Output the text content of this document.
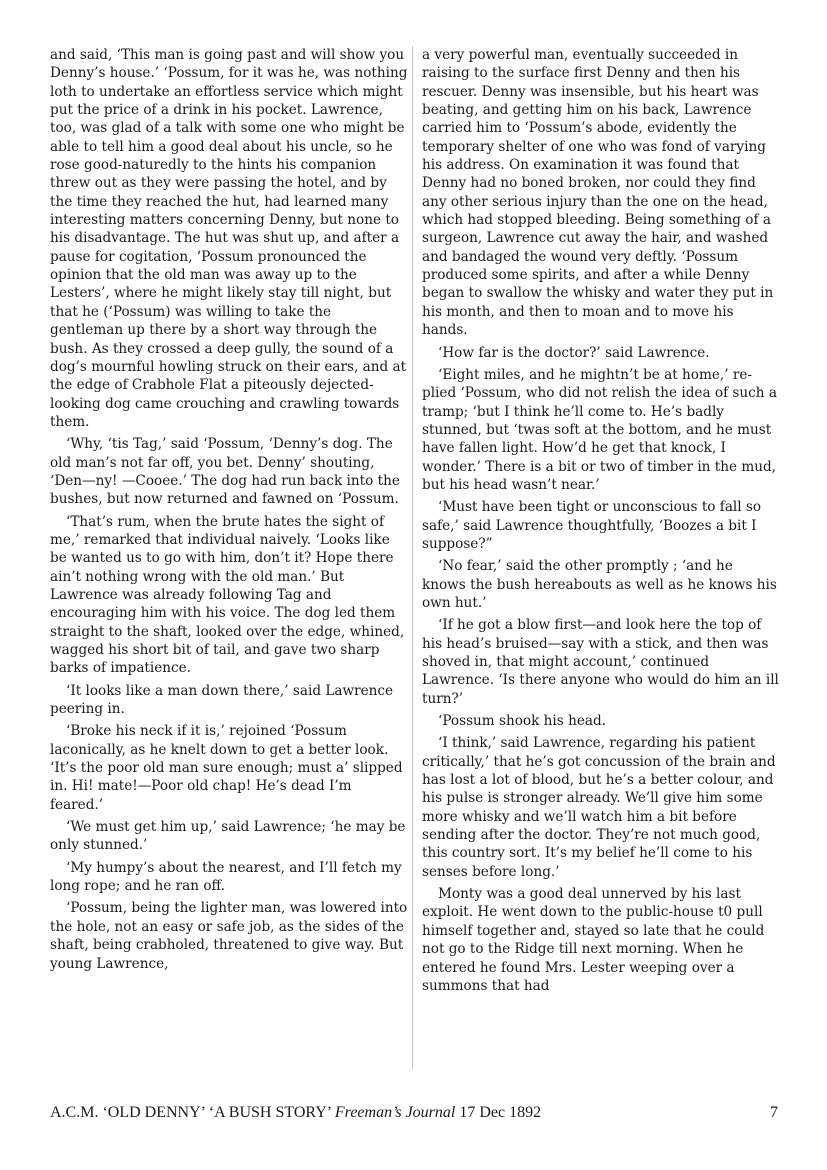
and said, ‘This man is going past and will show you Denny’s house.’ ‘Possum, for it was he, was nothing loth to undertake an effortless service which might put the price of a drink in his pocket. Lawrence, too, was glad of a talk with some one who might be able to tell him a good deal about his uncle, so he rose good-naturedly to the hints his companion threw out as they were passing the hotel, and by the time they reached the hut, had learned many interesting matters concerning Denny, but none to his disadvantage. The hut was shut up, and after a pause for cogitation, ‘Possum pronounced the opinion that the old man was away up to the Lesters’, where he might likely stay till night, but that he (‘Possum) was willing to take the gentleman up there by a short way through the bush. As they crossed a deep gully, the sound of a dog’s mournful howling struck on their ears, and at the edge of Crabhole Flat a piteously dejected-looking dog came crouching and crawling towards them.

‘Why, ‘tis Tag,’ said ‘Possum, ‘Denny’s dog. The old man’s not far off, you bet. Denny’ shouting, ‘Den—ny! —Cooee.’ The dog had run back into the bushes, but now returned and fawned on ‘Possum.

‘That’s rum, when the brute hates the sight of me,’ remarked that individual naively. ‘Looks like be wanted us to go with him, don’t it? Hope there ain’t nothing wrong with the old man.’ But Lawrence was already following Tag and encouraging him with his voice. The dog led them straight to the shaft, looked over the edge, whined, wagged his short bit of tail, and gave two sharp barks of impatience.

‘It looks like a man down there,’ said Lawrence peering in.

‘Broke his neck if it is,’ rejoined ‘Possum laconically, as he knelt down to get a better look. ‘It’s the poor old man sure enough; must a’ slipped in. Hi! mate!—Poor old chap! He’s dead I’m feared.’

‘We must get him up,’ said Lawrence; ‘he may be only stunned.’

‘My humpy’s about the nearest, and I’ll fetch my long rope; and he ran off.

‘Possum, being the lighter man, was lowered into the hole, not an easy or safe job, as the sides of the shaft, being crabholed, threatened to give way. But young Lawrence,

a very powerful man, eventually succeeded in raising to the surface first Denny and then his rescuer. Denny was insensible, but his heart was beating, and getting him on his back, Lawrence carried him to ‘Possum’s abode, evidently the temporary shelter of one who was fond of varying his address. On examination it was found that Denny had no boned broken, nor could they find any other serious injury than the one on the head, which had stopped bleeding. Being something of a surgeon, Lawrence cut away the hair, and washed and bandaged the wound very deftly. ‘Possum produced some spirits, and after a while Denny began to swallow the whisky and water they put in his month, and then to moan and to move his hands.

‘How far is the doctor?’ said Lawrence.

‘Eight miles, and he mightn’t be at home,’ re-plied ‘Possum, who did not relish the idea of such a tramp; ‘but I think he’ll come to. He’s badly stunned, but ‘twas soft at the bottom, and he must have fallen light. How’d he get that knock, I wonder.’ There is a bit or two of timber in the mud, but his head wasn’t near.’

‘Must have been tight or unconscious to fall so safe,’ said Lawrence thoughtfully, ‘Boozes a bit I suppose?”

‘No fear,’ said the other promptly ; ‘and he knows the bush hereabouts as well as he knows his own hut.’

‘If he got a blow first—and look here the top of his head’s bruised—say with a stick, and then was shoved in, that might account,’ continued Lawrence. ‘Is there anyone who would do him an ill turn?’

‘Possum shook his head.

‘I think,’ said Lawrence, regarding his patient critically,’ that he’s got concussion of the brain and has lost a lot of blood, but he’s a better colour, and his pulse is stronger already. We’ll give him some more whisky and we’ll watch him a bit before sending after the doctor. They’re not much good, this country sort. It’s my belief he’ll come to his senses before long.’

Monty was a good deal unnerved by his last exploit. He went down to the public-house t0 pull himself together and, stayed so late that he could not go to the Ridge till next morning. When he entered he found Mrs. Lester weeping over a summons that had

A.C.M. ‘OLD DENNY’ ‘A BUSH STORY’ Freeman’s Journal 17 Dec 1892	7
